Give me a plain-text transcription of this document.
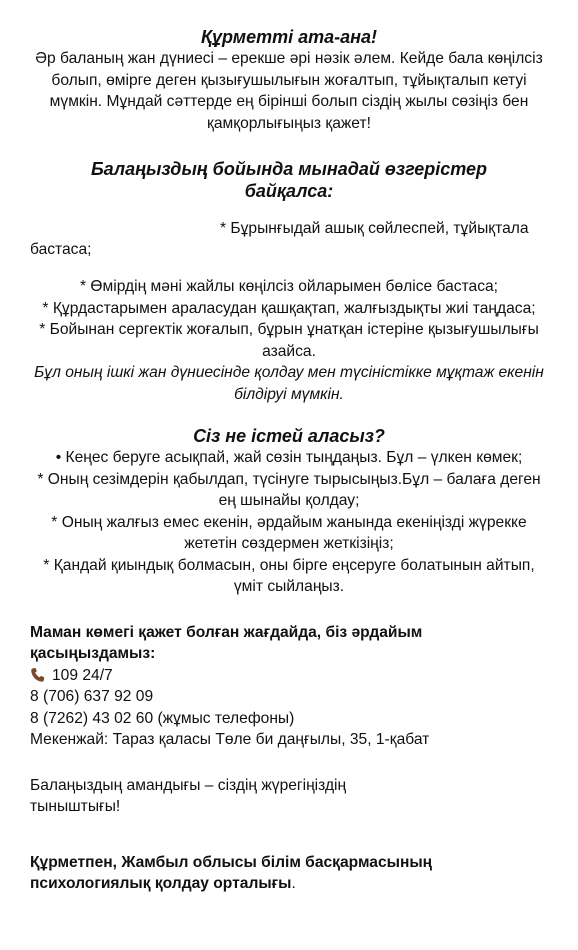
Құрметті ата-ана!

Әр баланың жан дүниесі – ерекше әрі нәзік әлем. Кейде бала көңілсіз болып, өмірге деген қызығушылығын жоғалтып, тұйықталып кетуі мүмкін. Мұндай сәттерде ең бірінші болып сіздің жылы сөзіңіз бен қамқорлығыңыз қажет!

Балаңыздың бойында мынадай өзгерістер

байқалса:

* Бұрынғыдай ашық сөйлеспей, тұйықтала бастаса;

* Өмірдің мәні жайлы көңілсіз ойларымен бөлісе бастаса;

* Құрдастарымен араласудан қашқақтап, жалғыздықты жиі таңдаса;

* Бойынан сергектік жоғалып, бұрын ұнатқан істеріне қызығушылығы азайса.

Бұл оның ішкі жан дүниесінде қолдау мен түсіністікке мұқтаж екенін білдіруі мүмкін.

Сіз не істей аласыз?

• Кеңес беруге асықпай, жай сөзін тыңдаңыз. Бұл – үлкен көмек;

* Оның сезімдерін қабылдап, түсінуге тырысыңыз.Бұл – балаға деген ең шынайы қолдау;

* Оның жалғыз емес екенін, әрдайым жанында екеніңізді жүрекке жететін сөздермен жеткізіңіз;

* Қандай қиындық болмасын, оны бірге еңсеруге болатынын айтып, үміт сыйлаңыз.

Маман көмегі қажет болған жағдайда, біз әрдайым қасыңыздамыз:

109 24/7

8 (706) 637 92 09

8 (7262) 43 02 60 (жұмыс телефоны)

Мекенжай: Тараз қаласы Төле би даңғылы, 35, 1-қабат

Балаңыздың амандығы – сіздің жүрегіңіздің тыныштығы!

Құрметпен, Жамбыл облысы білім басқармасының психологиялық қолдау орталығы.
